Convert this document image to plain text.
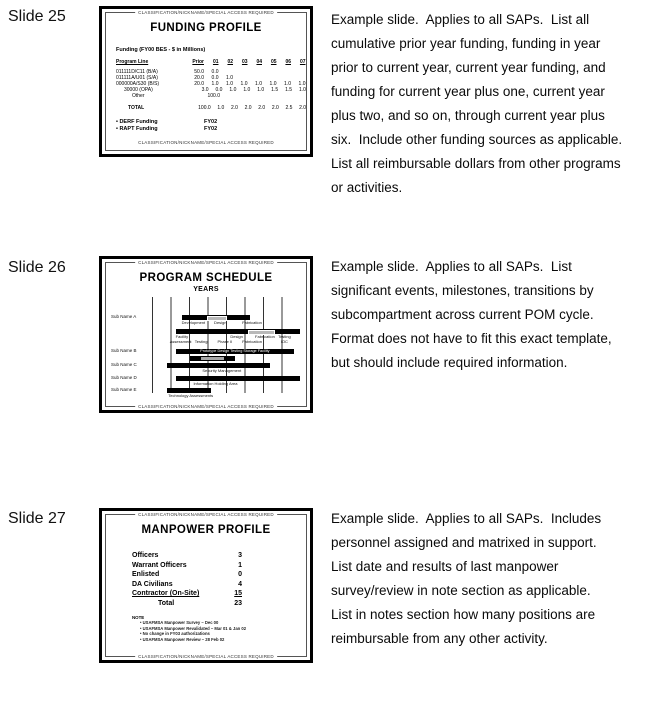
Slide 25	CLASSIFICATION/NICKNAME/SPECIAL ACCESS REQUIRED
FUNDING PROFILE
Funding (FY00 BES - $ in Millions)
Program Line	Prior	01	02	03	04	05	06	07
011111D/C11 (B/A)	50.0	0.0
011111A/U01 (S/A)	20.0	0.0	1.0
000000A/S30 (B/S)	20.0	1.0	1.0	1.0	1.0	1.0	1.0	1.0
30000 (OPA)	3.0	0.0	1.0	1.0	1.0	1.5	1.5	1.0
Other	100.0
TOTAL	100.0	1.0	2.0	2.0	2.0	2.0	2.5	2.0
• DERF Funding	FY02
• RAPT Funding	FY02
CLASSIFICATION/NICKNAME/SPECIAL ACCESS REQUIRED
Example slide.  Applies to all SAPs.  List all
cumulative prior year funding, funding in year
prior to current year, current year funding, and
funding for current year plus one, current year
plus two, and so on, through current year plus
six.  Include other funding sources as applicable.
List all reimbursable dollars from other programs
or activities.
Slide 26	CLASSIFICATION/NICKNAME/SPECIAL ACCESS REQUIRED
PROGRAM SCHEDULE
YEARS
Sub Name A
Sub Name B
Sub Name C
Sub Name D
Sub Name E
Development        Design              Fabrication
Facility                                      Design           Fabrication   Testing
Assessment   Testing         Phase II         Fabrication                 IOC
Prototype Design Testing Storage Facility
Security Management
Information Holding Area
Technology Assessments
CLASSIFICATION/NICKNAME/SPECIAL ACCESS REQUIRED
Example slide.  Applies to all SAPs.  List
significant events, milestones, transitions by
subcompartment across current POM cycle.
Format does not have to fit this exact template,
but should include required information.
Slide 27	CLASSIFICATION/NICKNAME/SPECIAL ACCESS REQUIRED
MANPOWER PROFILE
Officers	3
Warrant Officers	1
Enlisted	0
DA Civilians	4
Contractor (On-Site)	15
Total	23
NOTE
• USAFMSA Manpower Survey – Dec 00
• USAFMSA Manpower Revalidated – Mar 01 & Jan 02
• No change in FY03 authorizations
• USAFMSA Manpower Review – 28 Feb 02
CLASSIFICATION/NICKNAME/SPECIAL ACCESS REQUIRED
Example slide.  Applies to all SAPs.  Includes
personnel assigned and matrixed in support.
List date and results of last manpower
survey/review in note section as applicable.
List in notes section how many positions are
reimbursable from any other activity.
